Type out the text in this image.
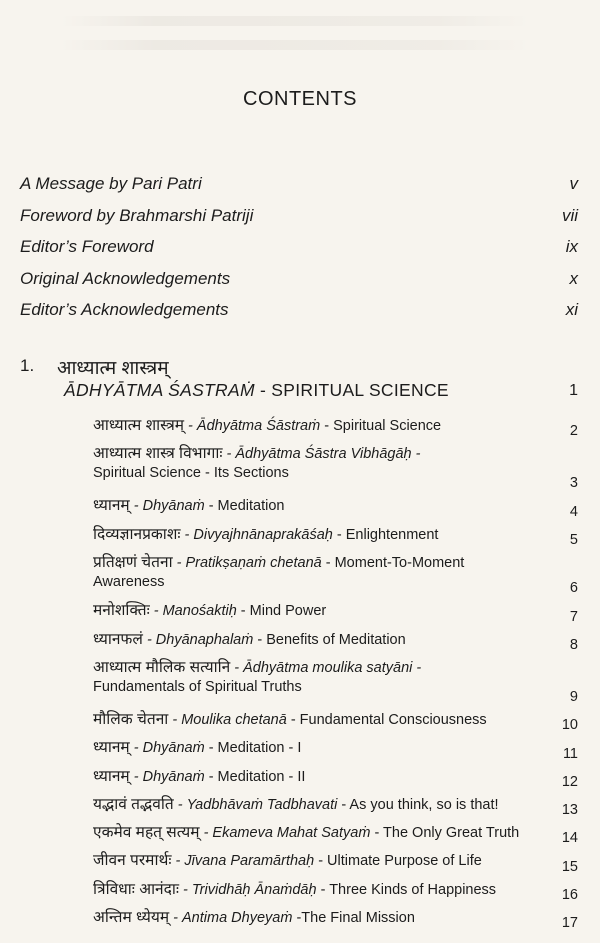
CONTENTS
A Message by Pari Patri	v
Foreword by Brahmarshi Patriji	vii
Editor’s Foreword	ix
Original Acknowledgements	x
Editor’s Acknowledgements	xi
1. आध्यात्म शास्त्रम्
ĀDHYĀTMA ŚASTRAṀ - SPIRITUAL SCIENCE	1
आध्यात्म शास्त्रम् - Ādhyātma Śāstraṁ - Spiritual Science	2
आध्यात्म शास्त्र विभागाः - Ādhyātma Śāstra Vibhāgāḥ -
Spiritual Science - Its Sections
3
ध्यानम् - Dhyānaṁ - Meditation	4
दिव्यज्ञानप्रकाशः - Divyajhnānaprakāśaḥ - Enlightenment	5
प्रतिक्षणं चेतना - Pratikṣaṇaṁ chetanā - Moment-To-Moment
Awareness	6
मनोशक्तिः - Manośaktiḥ - Mind Power	7
ध्यानफलं - Dhyānaphalaṁ - Benefits of Meditation	8
आध्यात्म मौलिक सत्यानि - Ādhyātma moulika satyāni -
Fundamentals of Spiritual Truths
9
मौलिक चेतना - Moulika chetanā - Fundamental Consciousness	10
ध्यानम् - Dhyānaṁ - Meditation - I	11
ध्यानम् - Dhyānaṁ - Meditation - II	12
यद्भावं तद्भवति - Yadbhāvaṁ Tadbhavati - As you think, so is that!	13
एकमेव महत् सत्यम् - Ekameva Mahat Satyaṁ - The Only Great Truth	14
जीवन परमार्थः - Jīvana Paramārthaḥ - Ultimate Purpose of Life	15
त्रिविधाः आनंदाः - Trividhāḥ Ānaṁdāḥ - Three Kinds of Happiness	16
अन्तिम ध्येयम् - Antima Dhyeyaṁ -The Final Mission	17
